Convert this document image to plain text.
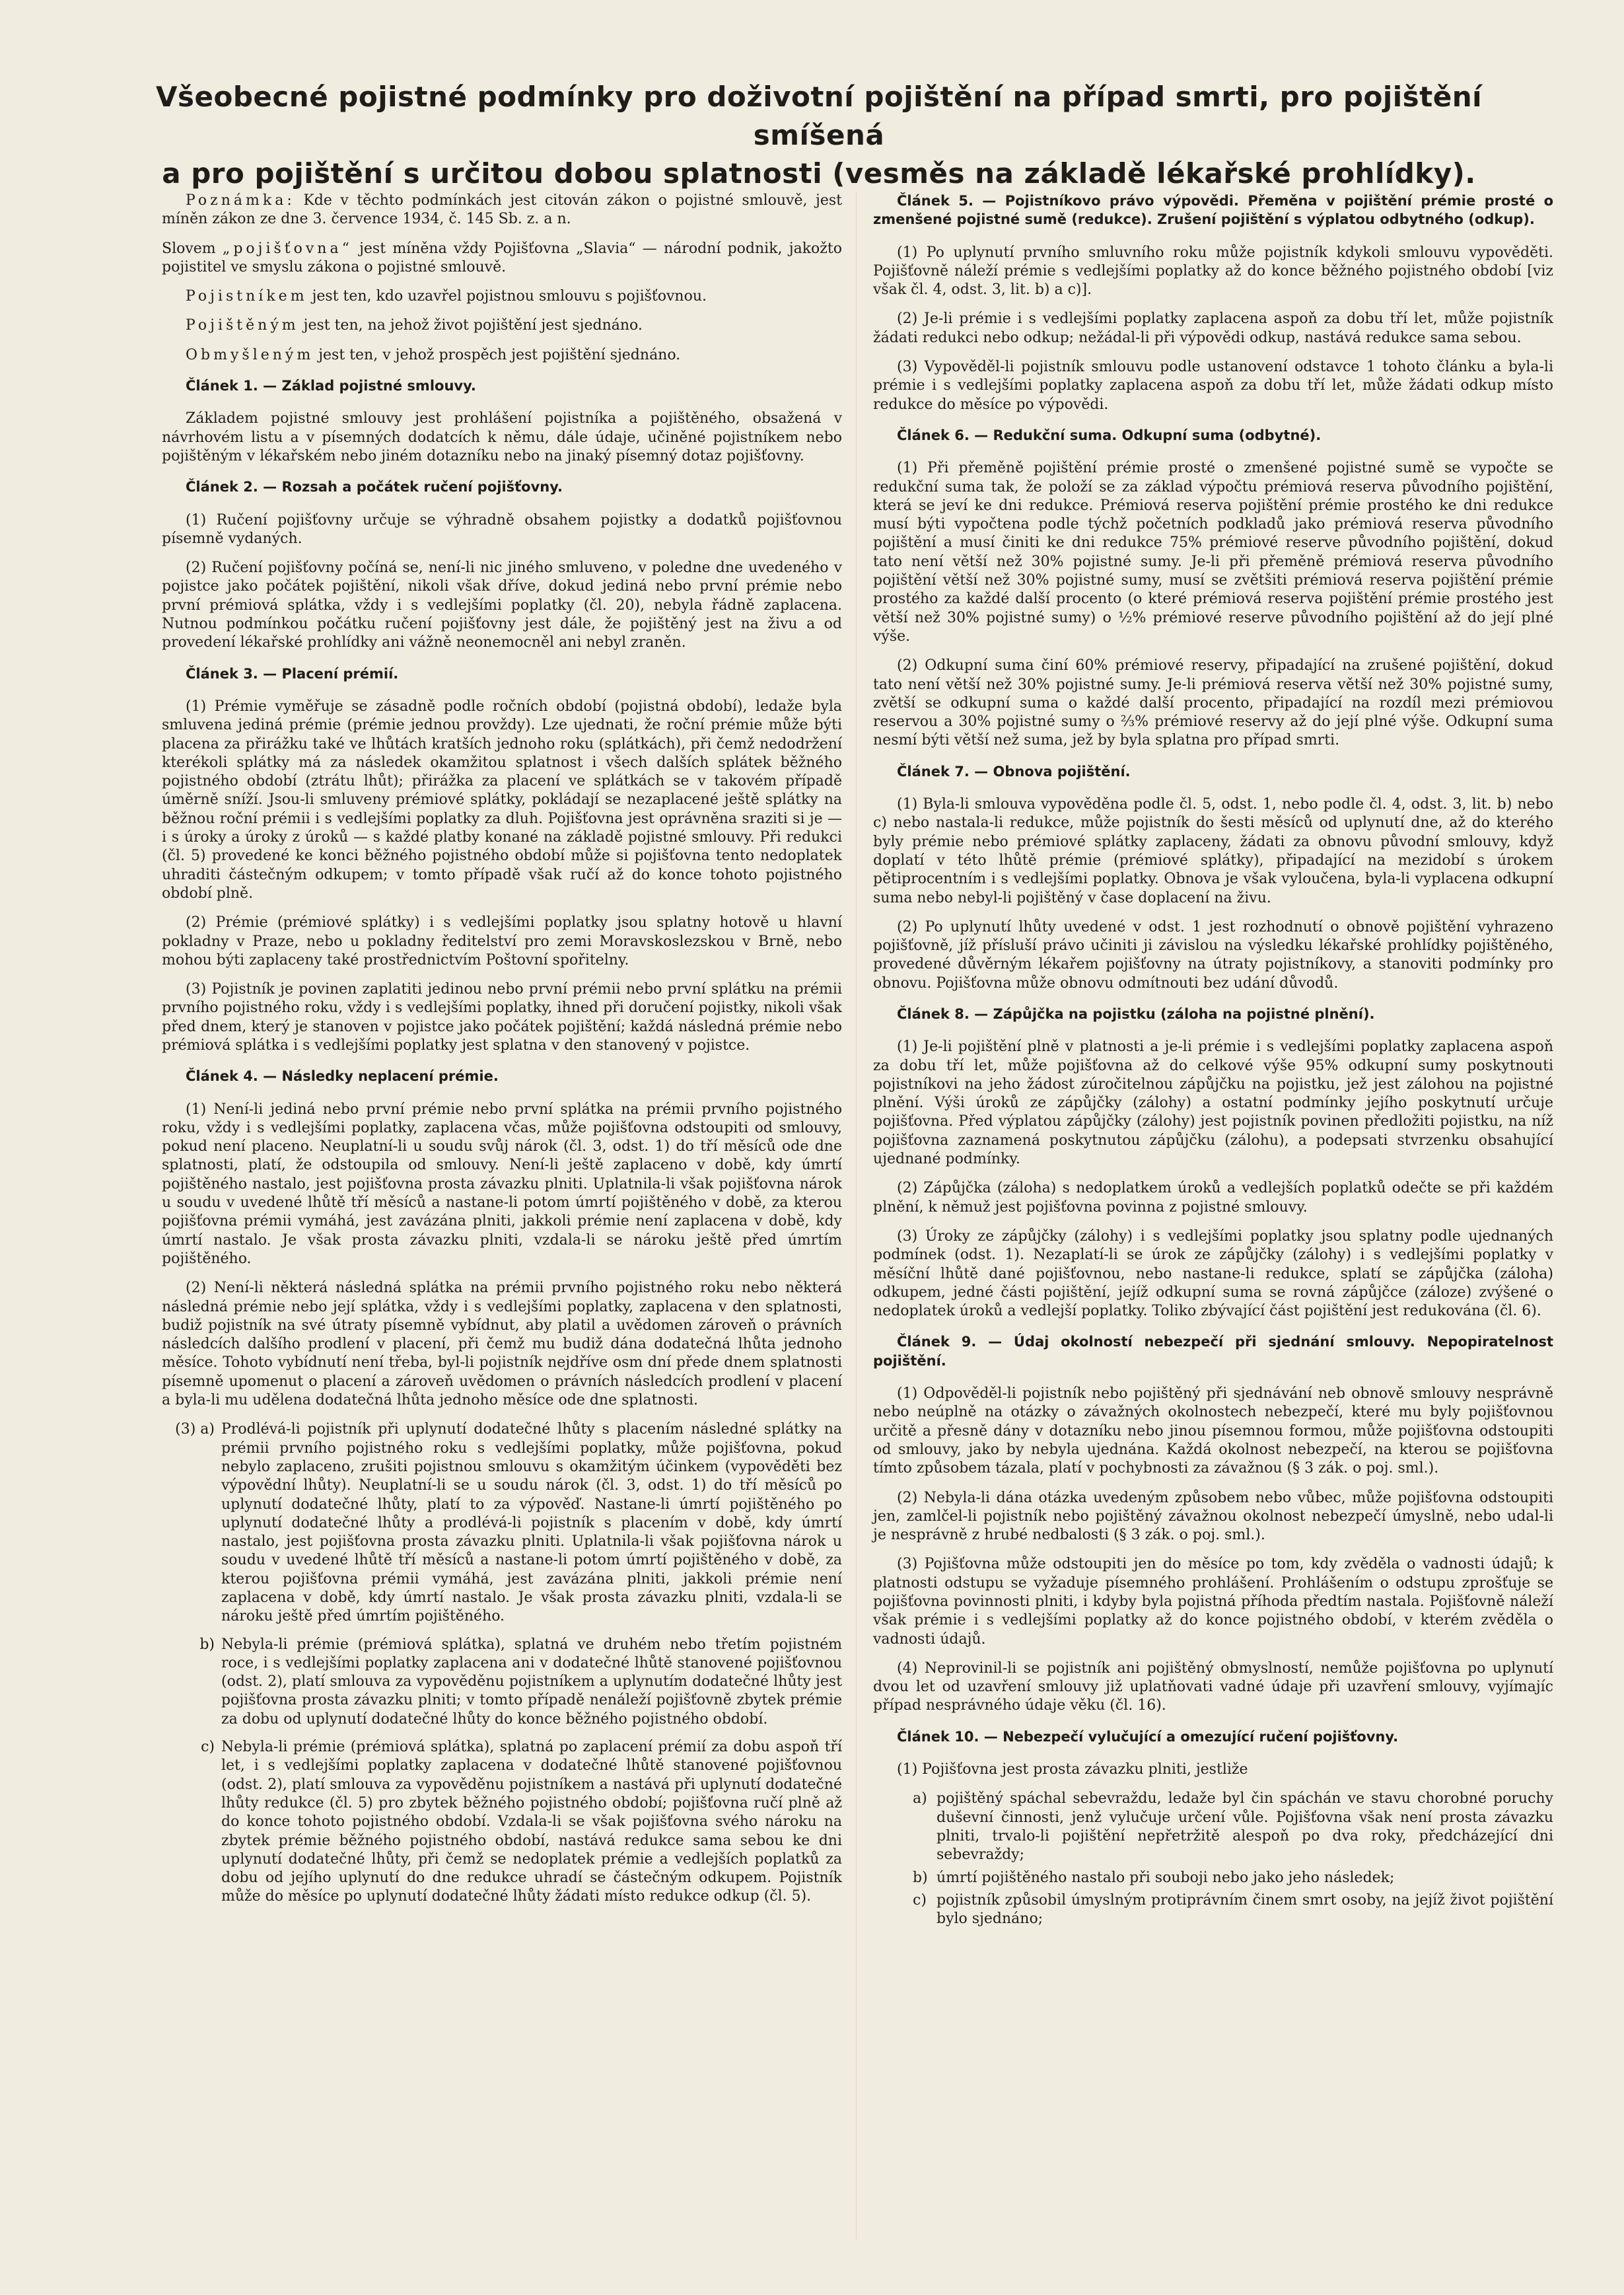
Všeobecné pojistné podmínky pro doživotní pojištění na případ smrti, pro pojištění smíšená
a pro pojištění s určitou dobou splatnosti (vesměs na základě lékařské prohlídky).

Poznámka: Kde v těchto podmínkách jest citován zákon o pojistné smlouvě, jest míněn zákon ze dne 3. července 1934, č. 145 Sb. z. a n.

Slovem „pojišťovna“ jest míněna vždy Pojišťovna „Slavia“ — národní podnik, jakožto pojistitel ve smyslu zákona o pojistné smlouvě.

Pojistníkem jest ten, kdo uzavřel pojistnou smlouvu s pojišťovnou.

Pojištěným jest ten, na jehož život pojištění jest sjednáno.

Obmyšleným jest ten, v jehož prospěch jest pojištění sjednáno.

Článek 1. — Základ pojistné smlouvy.

Základem pojistné smlouvy jest prohlášení pojistníka a pojištěného, obsažená v návrhovém listu a v písemných dodatcích k němu, dále údaje, učiněné pojistníkem nebo pojištěným v lékařském nebo jiném dotazníku nebo na jinaký písemný dotaz pojišťovny.

Článek 2. — Rozsah a počátek ručení pojišťovny.

(1) Ručení pojišťovny určuje se výhradně obsahem pojistky a dodatků pojišťovnou písemně vydaných.

(2) Ručení pojišťovny počíná se, není-li nic jiného smluveno, v poledne dne uvedeného v pojistce jako počátek pojištění, nikoli však dříve, dokud jediná nebo první prémie nebo první prémiová splátka, vždy i s vedlejšími poplatky (čl. 20), nebyla řádně zaplacena. Nutnou podmínkou počátku ručení pojišťovny jest dále, že pojištěný jest na živu a od provedení lékařské prohlídky ani vážně neonemocněl ani nebyl zraněn.

Článek 3. — Placení prémií.

(1) Prémie vyměřuje se zásadně podle ročních období (pojistná období), ledaže byla smluvena jediná prémie (prémie jednou provždy). Lze ujednati, že roční prémie může býti placena za přirážku také ve lhůtách kratších jednoho roku (splátkách), při čemž nedodržení kterékoli splátky má za následek okamžitou splatnost i všech dalších splátek běžného pojistného období (ztrátu lhůt); přirážka za placení ve splátkách se v takovém případě úměrně sníží. Jsou-li smluveny prémiové splátky, pokládají se nezaplacené ještě splátky na běžnou roční prémii i s vedlejšími poplatky za dluh. Pojišťovna jest oprávněna sraziti si je — i s úroky a úroky z úroků — s každé platby konané na základě pojistné smlouvy. Při redukci (čl. 5) provedené ke konci běžného pojistného období může si pojišťovna tento nedoplatek uhraditi částečným odkupem; v tomto případě však ručí až do konce tohoto pojistného období plně.

(2) Prémie (prémiové splátky) i s vedlejšími poplatky jsou splatny hotově u hlavní pokladny v Praze, nebo u pokladny ředitelství pro zemi Moravskoslezskou v Brně, nebo mohou býti zaplaceny také prostřednictvím Poštovní spořitelny.

(3) Pojistník je povinen zaplatiti jedinou nebo první prémii nebo první splátku na prémii prvního pojistného roku, vždy i s vedlejšími poplatky, ihned při doručení pojistky, nikoli však před dnem, který je stanoven v pojistce jako počátek pojištění; každá následná prémie nebo prémiová splátka i s vedlejšími poplatky jest splatna v den stanovený v pojistce.

Článek 4. — Následky neplacení prémie.

(1) Není-li jediná nebo první prémie nebo první splátka na prémii prvního pojistného roku, vždy i s vedlejšími poplatky, zaplacena včas, může pojišťovna odstoupiti od smlouvy, pokud není placeno. Neuplatní-li u soudu svůj nárok (čl. 3, odst. 1) do tří měsíců ode dne splatnosti, platí, že odstoupila od smlouvy. Není-li ještě zaplaceno v době, kdy úmrtí pojištěného nastalo, jest pojišťovna prosta závazku plniti. Uplatnila-li však pojišťovna nárok u soudu v uvedené lhůtě tří měsíců a nastane-li potom úmrtí pojištěného v době, za kterou pojišťovna prémii vymáhá, jest zavázána plniti, jakkoli prémie není zaplacena v době, kdy úmrtí nastalo. Je však prosta závazku plniti, vzdala-li se nároku ještě před úmrtím pojištěného.

(2) Není-li některá následná splátka na prémii prvního pojistného roku nebo některá následná prémie nebo její splátka, vždy i s vedlejšími poplatky, zaplacena v den splatnosti, budiž pojistník na své útraty písemně vybídnut, aby platil a uvědomen zároveň o právních následcích dalšího prodlení v placení, při čemž mu budiž dána dodatečná lhůta jednoho měsíce. Tohoto vybídnutí není třeba, byl-li pojistník nejdříve osm dní přede dnem splatnosti písemně upomenut o placení a zároveň uvědomen o právních následcích prodlení v placení a byla-li mu udělena dodatečná lhůta jednoho měsíce ode dne splatnosti.

(3) a) Prodlévá-li pojistník při uplynutí dodatečné lhůty s placením následné splátky na prémii prvního pojistného roku s vedlejšími poplatky, může pojišťovna, pokud nebylo zaplaceno, zrušiti pojistnou smlouvu s okamžitým účinkem (vypověděti bez výpovědní lhůty). Neuplatní-li se u soudu nárok (čl. 3, odst. 1) do tří měsíců po uplynutí dodatečné lhůty, platí to za výpověď. Nastane-li úmrtí pojištěného po uplynutí dodatečné lhůty a prodlévá-li pojistník s placením v době, kdy úmrtí nastalo, jest pojišťovna prosta závazku plniti. Uplatnila-li však pojišťovna nárok u soudu v uvedené lhůtě tří měsíců a nastane-li potom úmrtí pojištěného v době, za kterou pojišťovna prémii vymáhá, jest zavázána plniti, jakkoli prémie není zaplacena v době, kdy úmrtí nastalo. Je však prosta závazku plniti, vzdala-li se nároku ještě před úmrtím pojištěného.
b) Nebyla-li prémie (prémiová splátka), splatná ve druhém nebo třetím pojistném roce, i s vedlejšími poplatky zaplacena ani v dodatečné lhůtě stanovené pojišťovnou (odst. 2), platí smlouva za vypověděnu pojistníkem a uplynutím dodatečné lhůty jest pojišťovna prosta závazku plniti; v tomto případě nenáleží pojišťovně zbytek prémie za dobu od uplynutí dodatečné lhůty do konce běžného pojistného období.
c) Nebyla-li prémie (prémiová splátka), splatná po zaplacení prémií za dobu aspoň tří let, i s vedlejšími poplatky zaplacena v dodatečné lhůtě stanovené pojišťovnou (odst. 2), platí smlouva za vypověděnu pojistníkem a nastává při uplynutí dodatečné lhůty redukce (čl. 5) pro zbytek běžného pojistného období; pojišťovna ručí plně až do konce tohoto pojistného období. Vzdala-li se však pojišťovna svého nároku na zbytek prémie běžného pojistného období, nastává redukce sama sebou ke dni uplynutí dodatečné lhůty, při čemž se nedoplatek prémie a vedlejších poplatků za dobu od jejího uplynutí do dne redukce uhradí se částečným odkupem. Pojistník může do měsíce po uplynutí dodatečné lhůty žádati místo redukce odkup (čl. 5).
Článek 5. — Pojistníkovo právo výpovědi. Přeměna v pojištění prémie prosté o zmenšené pojistné sumě (redukce). Zrušení pojištění s výplatou odbytného (odkup).

(1) Po uplynutí prvního smluvního roku může pojistník kdykoli smlouvu vypověděti. Pojišťovně náleží prémie s vedlejšími poplatky až do konce běžného pojistného období [viz však čl. 4, odst. 3, lit. b) a c)].

(2) Je-li prémie i s vedlejšími poplatky zaplacena aspoň za dobu tří let, může pojistník žádati redukci nebo odkup; nežádal-li při výpovědi odkup, nastává redukce sama sebou.

(3) Vypověděl-li pojistník smlouvu podle ustanovení odstavce 1 tohoto článku a byla-li prémie i s vedlejšími poplatky zaplacena aspoň za dobu tří let, může žádati odkup místo redukce do měsíce po výpovědi.

Článek 6. — Redukční suma. Odkupní suma (odbytné).

(1) Při přeměně pojištění prémie prosté o zmenšené pojistné sumě se vypočte se redukční suma tak, že položí se za základ výpočtu prémiová reserva původního pojištění, která se jeví ke dni redukce. Prémiová reserva pojištění prémie prostého ke dni redukce musí býti vypočtena podle týchž početních podkladů jako prémiová reserva původního pojištění a musí činiti ke dni redukce 75% prémiové reserve původního pojištění, dokud tato není větší než 30% pojistné sumy. Je-li při přeměně prémiová reserva původního pojištění větší než 30% pojistné sumy, musí se zvětšiti prémiová reserva pojištění prémie prostého za každé další procento (o které prémiová reserva pojištění prémie prostého jest větší než 30% pojistné sumy) o ½% prémiové reserve původního pojištění až do její plné výše.

(2) Odkupní suma činí 60% prémiové reservy, připadající na zrušené pojištění, dokud tato není větší než 30% pojistné sumy. Je-li prémiová reserva větší než 30% pojistné sumy, zvětší se odkupní suma o každé další procento, připadající na rozdíl mezi prémiovou reservou a 30% pojistné sumy o ⅔% prémiové reservy až do její plné výše. Odkupní suma nesmí býti větší než suma, jež by byla splatna pro případ smrti.

Článek 7. — Obnova pojištění.

(1) Byla-li smlouva vypověděna podle čl. 5, odst. 1, nebo podle čl. 4, odst. 3, lit. b) nebo c) nebo nastala-li redukce, může pojistník do šesti měsíců od uplynutí dne, až do kterého byly prémie nebo prémiové splátky zaplaceny, žádati za obnovu původní smlouvy, když doplatí v této lhůtě prémie (prémiové splátky), připadající na mezidobí s úrokem pětiprocentním i s vedlejšími poplatky. Obnova je však vyloučena, byla-li vyplacena odkupní suma nebo nebyl-li pojištěný v čase doplacení na živu.

(2) Po uplynutí lhůty uvedené v odst. 1 jest rozhodnutí o obnově pojištění vyhrazeno pojišťovně, jíž přísluší právo učiniti ji závislou na výsledku lékařské prohlídky pojištěného, provedené důvěrným lékařem pojišťovny na útraty pojistníkovy, a stanoviti podmínky pro obnovu. Pojišťovna může obnovu odmítnouti bez udání důvodů.

Článek 8. — Zápůjčka na pojistku (záloha na pojistné plnění).

(1) Je-li pojištění plně v platnosti a je-li prémie i s vedlejšími poplatky zaplacena aspoň za dobu tří let, může pojišťovna až do celkové výše 95% odkupní sumy poskytnouti pojistníkovi na jeho žádost zúročitelnou zápůjčku na pojistku, jež jest zálohou na pojistné plnění. Výši úroků ze zápůjčky (zálohy) a ostatní podmínky jejího poskytnutí určuje pojišťovna. Před výplatou zápůjčky (zálohy) jest pojistník povinen předložiti pojistku, na níž pojišťovna zaznamená poskytnutou zápůjčku (zálohu), a podepsati stvrzenku obsahující ujednané podmínky.

(2) Zápůjčka (záloha) s nedoplatkem úroků a vedlejších poplatků odečte se při každém plnění, k němuž jest pojišťovna povinna z pojistné smlouvy.

(3) Úroky ze zápůjčky (zálohy) i s vedlejšími poplatky jsou splatny podle ujednaných podmínek (odst. 1). Nezaplatí-li se úrok ze zápůjčky (zálohy) i s vedlejšími poplatky v měsíční lhůtě dané pojišťovnou, nebo nastane-li redukce, splatí se zápůjčka (záloha) odkupem, jedné části pojištění, jejíž odkupní suma se rovná zápůjčce (záloze) zvýšené o nedoplatek úroků a vedlejší poplatky. Toliko zbývající část pojištění jest redukována (čl. 6).

Článek 9. — Údaj okolností nebezpečí při sjednání smlouvy. Nepopiratelnost pojištění.

(1) Odpověděl-li pojistník nebo pojištěný při sjednávání neb obnově smlouvy nesprávně nebo neúplně na otázky o závažných okolnostech nebezpečí, které mu byly pojišťovnou určitě a přesně dány v dotazníku nebo jinou písemnou formou, může pojišťovna odstoupiti od smlouvy, jako by nebyla ujednána. Každá okolnost nebezpečí, na kterou se pojišťovna tímto způsobem tázala, platí v pochybnosti za závažnou (§ 3 zák. o poj. sml.).

(2) Nebyla-li dána otázka uvedeným způsobem nebo vůbec, může pojišťovna odstoupiti jen, zamlčel-li pojistník nebo pojištěný závažnou okolnost nebezpečí úmyslně, nebo udal-li je nesprávně z hrubé nedbalosti (§ 3 zák. o poj. sml.).

(3) Pojišťovna může odstoupiti jen do měsíce po tom, kdy zvěděla o vadnosti údajů; k platnosti odstupu se vyžaduje písemného prohlášení. Prohlášením o odstupu zprošťuje se pojišťovna povinnosti plniti, i kdyby byla pojistná příhoda předtím nastala. Pojišťovně náleží však prémie i s vedlejšími poplatky až do konce pojistného období, v kterém zvěděla o vadnosti údajů.

(4) Neprovinil-li se pojistník ani pojištěný obmyslností, nemůže pojišťovna po uplynutí dvou let od uzavření smlouvy již uplatňovati vadné údaje při uzavření smlouvy, vyjímajíc případ nesprávného údaje věku (čl. 16).

Článek 10. — Nebezpečí vylučující a omezující ručení pojišťovny.

(1) Pojišťovna jest prosta závazku plniti, jestliže

a) pojištěný spáchal sebevraždu, ledaže byl čin spáchán ve stavu chorobné poruchy duševní činnosti, jenž vylučuje určení vůle. Pojišťovna však není prosta závazku plniti, trvalo-li pojištění nepřetržitě alespoň po dva roky, předcházející dni sebevraždy;
b) úmrtí pojištěného nastalo při souboji nebo jako jeho následek;
c) pojistník způsobil úmyslným protiprávním činem smrt osoby, na jejíž život pojištění bylo sjednáno;
